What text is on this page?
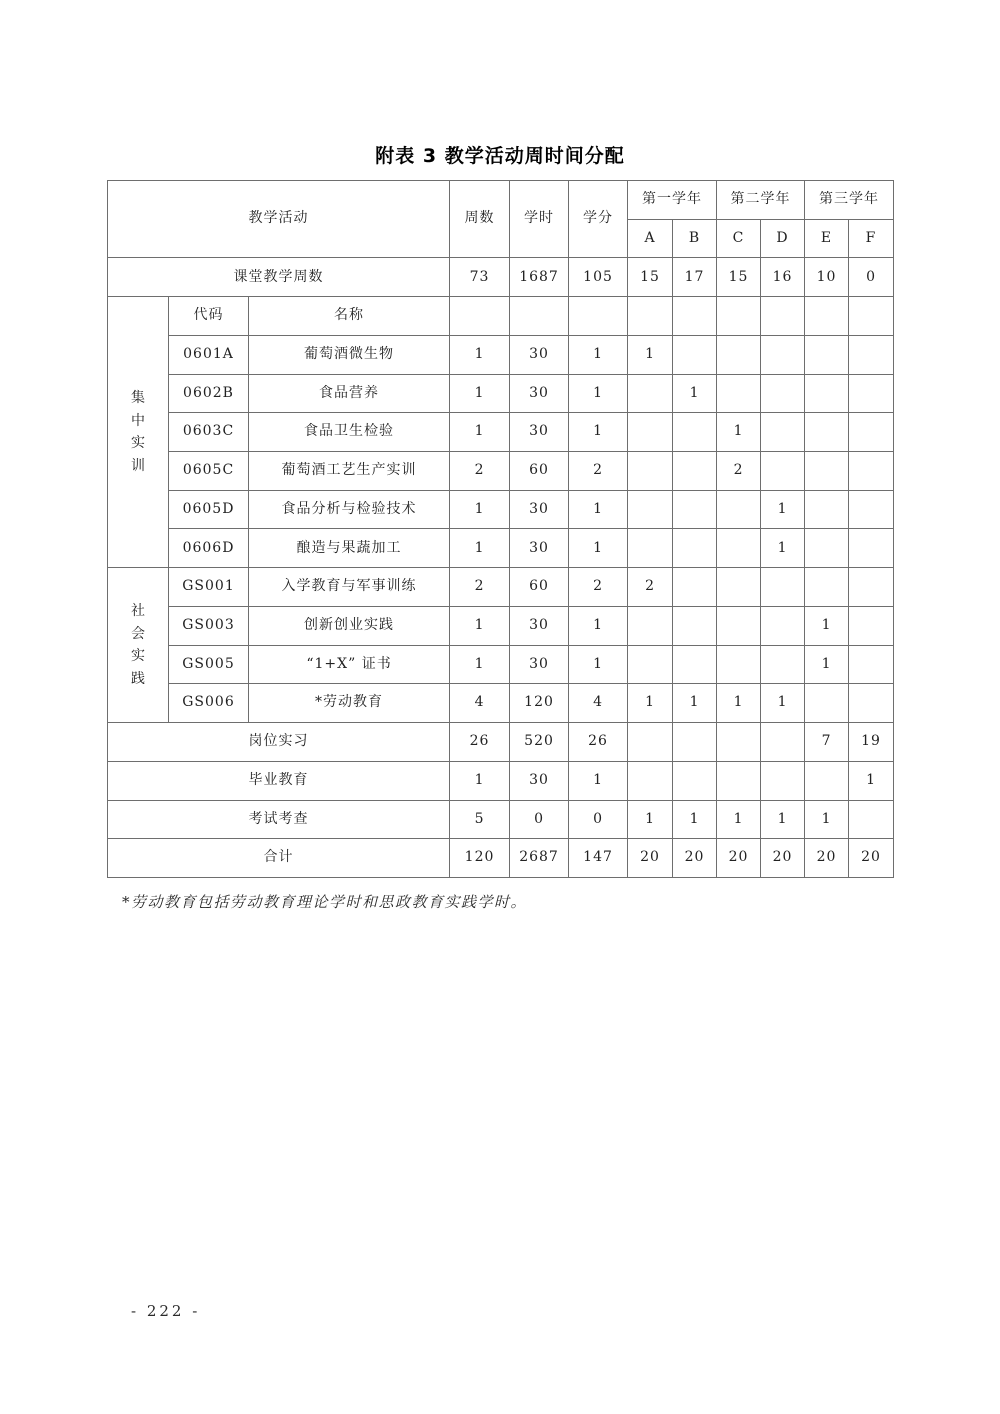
附表 3 教学活动周时间分配
教学活动			周数	学时	学分	第一学年		第二学年		第三学年	
						A	B	C	D	E	F
课堂教学周数			73	1687	105	15	17	15	16	10	0
集中实训	代码	名称									
	0601A	葡萄酒微生物	1	30	1	1					
	0602B	食品营养	1	30	1		1				
	0603C	食品卫生检验	1	30	1			1			
	0605C	葡萄酒工艺生产实训	2	60	2			2			
	0605D	食品分析与检验技术	1	30	1				1		
	0606D	酿造与果蔬加工	1	30	1				1		
社会实践	GS001	入学教育与军事训练	2	60	2	2					
	GS003	创新创业实践	1	30	1					1	
	GS005	“1+X” 证书	1	30	1					1	
	GS006	*劳动教育	4	120	4	1	1	1	1		
岗位实习			26	520	26					7	19
毕业教育			1	30	1						1
考试考查			5	0	0	1	1	1	1	1	
合计			120	2687	147	20	20	20	20	20	20
*劳动教育包括劳动教育理论学时和思政教育实践学时。
- 222 -
